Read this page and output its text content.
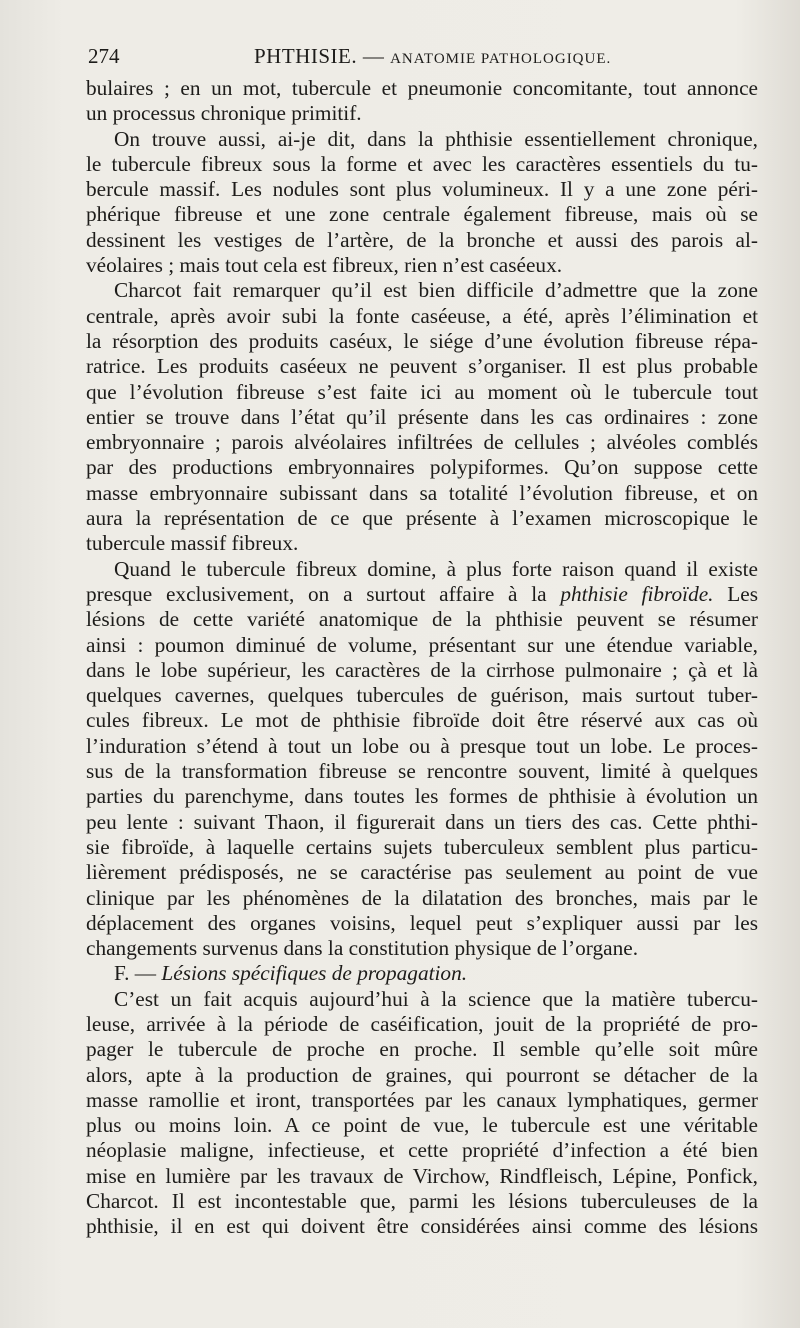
274	PHTHISIE. — ANATOMIE PATHOLOGIQUE.
bulaires ; en un mot, tubercule et pneumonie concomitante, tout annonce
un processus chronique primitif.
On trouve aussi, ai-je dit, dans la phthisie essentiellement chronique,
le tubercule fibreux sous la forme et avec les caractères essentiels du tu-
bercule massif. Les nodules sont plus volumineux. Il y a une zone péri-
phérique fibreuse et une zone centrale également fibreuse, mais où se
dessinent les vestiges de l’artère, de la bronche et aussi des parois al-
véolaires ; mais tout cela est fibreux, rien n’est caséeux.
Charcot fait remarquer qu’il est bien difficile d’admettre que la zone
centrale, après avoir subi la fonte caséeuse, a été, après l’élimination et
la résorption des produits caséux, le siége d’une évolution fibreuse répa-
ratrice. Les produits caséeux ne peuvent s’organiser. Il est plus probable
que l’évolution fibreuse s’est faite ici au moment où le tubercule tout
entier se trouve dans l’état qu’il présente dans les cas ordinaires : zone
embryonnaire ; parois alvéolaires infiltrées de cellules ; alvéoles comblés
par des productions embryonnaires polypiformes. Qu’on suppose cette
masse embryonnaire subissant dans sa totalité l’évolution fibreuse, et on
aura la représentation de ce que présente à l’examen microscopique le
tubercule massif fibreux.
Quand le tubercule fibreux domine, à plus forte raison quand il existe
presque exclusivement, on a surtout affaire à la phthisie fibroïde. Les
lésions de cette variété anatomique de la phthisie peuvent se résumer
ainsi : poumon diminué de volume, présentant sur une étendue variable,
dans le lobe supérieur, les caractères de la cirrhose pulmonaire ; çà et là
quelques cavernes, quelques tubercules de guérison, mais surtout tuber-
cules fibreux. Le mot de phthisie fibroïde doit être réservé aux cas où
l’induration s’étend à tout un lobe ou à presque tout un lobe. Le proces-
sus de la transformation fibreuse se rencontre souvent, limité à quelques
parties du parenchyme, dans toutes les formes de phthisie à évolution un
peu lente : suivant Thaon, il figurerait dans un tiers des cas. Cette phthi-
sie fibroïde, à laquelle certains sujets tuberculeux semblent plus particu-
lièrement prédisposés, ne se caractérise pas seulement au point de vue
clinique par les phénomènes de la dilatation des bronches, mais par le
déplacement des organes voisins, lequel peut s’expliquer aussi par les
changements survenus dans la constitution physique de l’organe.
F. — Lésions spécifiques de propagation.
C’est un fait acquis aujourd’hui à la science que la matière tubercu-
leuse, arrivée à la période de caséification, jouit de la propriété de pro-
pager le tubercule de proche en proche. Il semble qu’elle soit mûre
alors, apte à la production de graines, qui pourront se détacher de la
masse ramollie et iront, transportées par les canaux lymphatiques, germer
plus ou moins loin. A ce point de vue, le tubercule est une véritable
néoplasie maligne, infectieuse, et cette propriété d’infection a été bien
mise en lumière par les travaux de Virchow, Rindfleisch, Lépine, Ponfick,
Charcot. Il est incontestable que, parmi les lésions tuberculeuses de la
phthisie, il en est qui doivent être considérées ainsi comme des lésions
